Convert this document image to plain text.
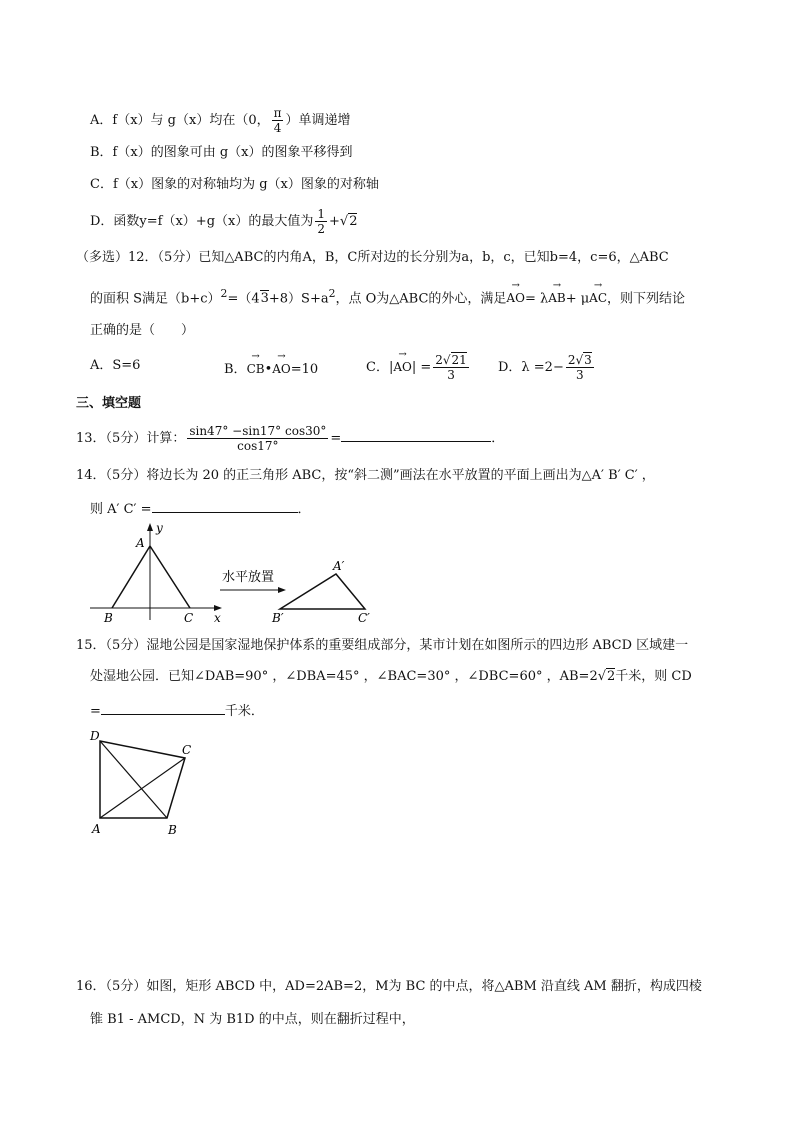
A．f（x）与 g（x）均在（0， $\frac{\pi}{4}$ ）单调递增
B．f（x）的图象可由 g（x）的图象平移得到
C．f（x）图象的对称轴均为 g（x）图象的对称轴
D．函数y=f（x）+g（x）的最大值为 $\frac{1}{2} +√2$
（多选）12．（5分）已知△ABC的内角A，B，C所对边的长分别为a，b，c，已知b=4，c=6，△ABC
的面积 S满足$(b+c)^2=(43+8)S+a^2$，点 O为△ABC的外心，满足→ AO= λ→ AB+ μ→ AC，则下列结论
正确的是（　　）
A．S=6	B．→ CB•→ AO=10	C．|→ $AO| = \frac{2√21}{3}$ D．$\lambda =2- \frac{2√3}{3}$
三、填空题
13．（5分）计算： $\frac{\sin 47^\circ -\sin 17^\circ \cos 30^\circ}{\cos 17^\circ}$ =	．
14．（5分）将边长为 20 的正三角形 ABC，按“斜二测”画法在水平放置的平面上画出为△A′ B′ C′ ，
则 A′ C′ =	．
y
A
B	C x
水平放置
A′
B′	C′
D
C
A	B
15．（5分）湿地公园是国家湿地保护体系的重要组成部分，某市计划在如图所示的四边形 ABCD 区域建一
处湿地公园．已知∠DAB=90° ，∠DBA=45° ，∠BAC=30° ，∠DBC=60° ，AB=2√2千米，则 CD
=	千米．
16．（5分）如图，矩形 ABCD 中，AD=2AB=2，M为 BC 的中点，将△ABM 沿直线 AM 翻折，构成四棱
锥 B1 - AMCD，N 为 B1D 的中点，则在翻折过程中，
